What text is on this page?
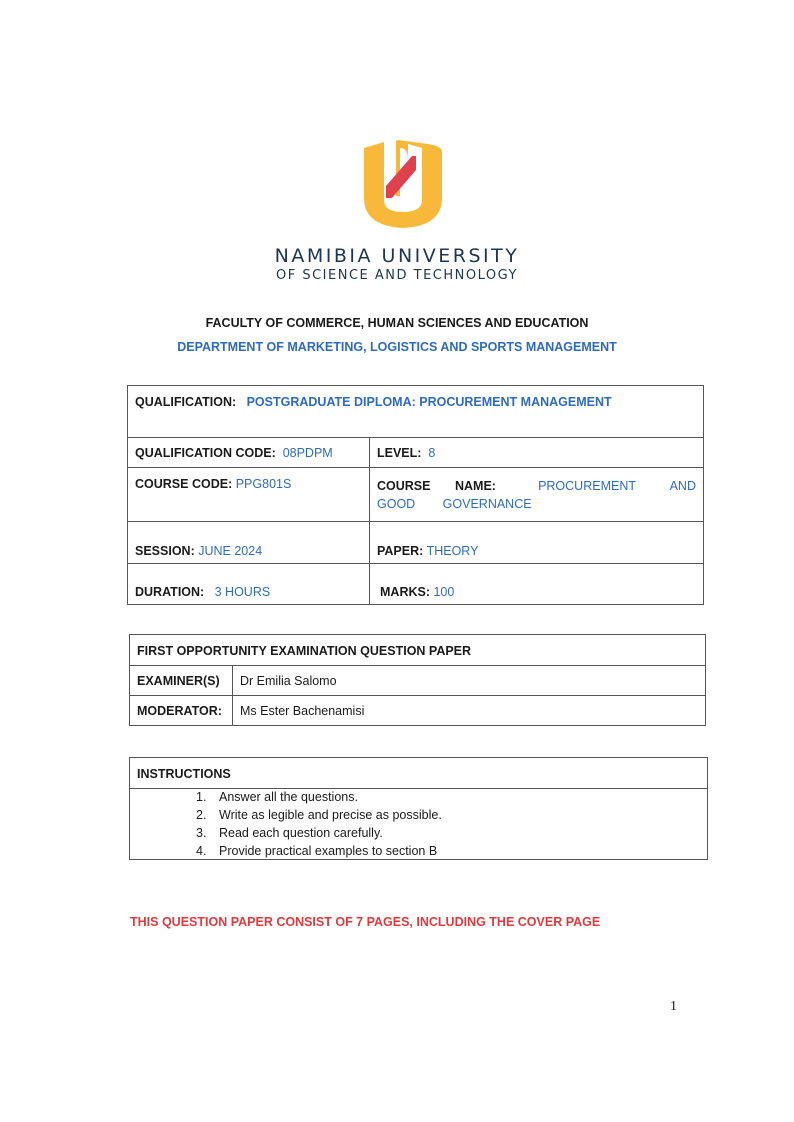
NAMIBIA UNIVERSITY
OF SCIENCE AND TECHNOLOGY
FACULTY OF COMMERCE, HUMAN SCIENCES AND EDUCATION
DEPARTMENT OF MARKETING, LOGISTICS AND SPORTS MANAGEMENT
QUALIFICATION: POSTGRADUATE DIPLOMA: PROCUREMENT MANAGEMENT
QUALIFICATION CODE: 08PDPM	LEVEL: 8
COURSE CODE: PPG801S	COURSE NAME:	PROCUREMENT AND GOOD GOVERNANCE
SESSION: JUNE 2024	PAPER: THEORY
DURATION: 3 HOURS	MARKS: 100
FIRST OPPORTUNITY EXAMINATION QUESTION PAPER
EXAMINER(S)	Dr Emilia Salomo
MODERATOR:	Ms Ester Bachenamisi
INSTRUCTIONS
1. Answer all the questions.
2. Write as legible and precise as possible.
3. Read each question carefully.
4. Provide practical examples to section B
THIS QUESTION PAPER CONSIST OF 7 PAGES, INCLUDING THE COVER PAGE
1
